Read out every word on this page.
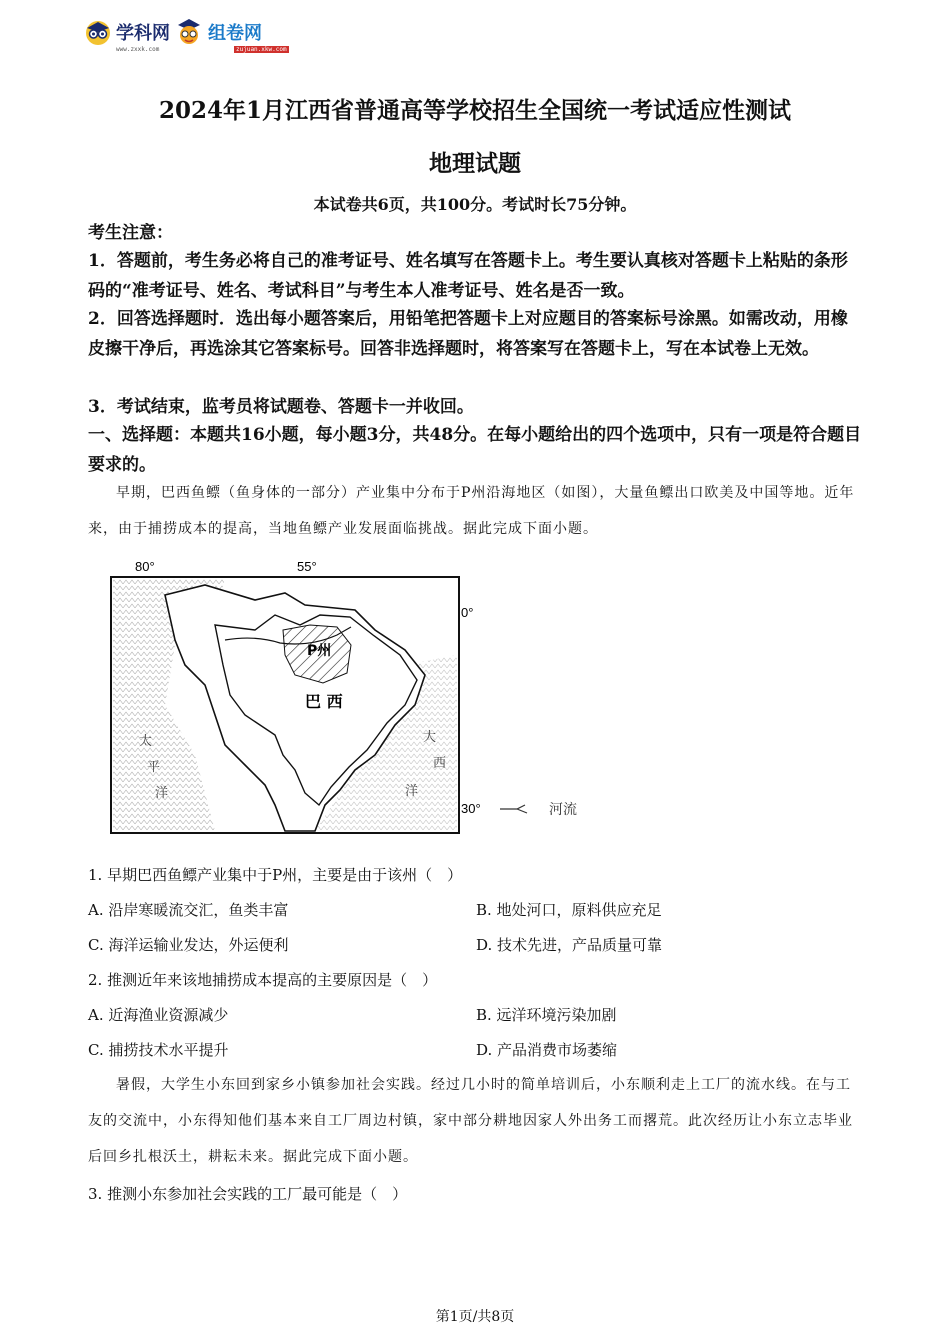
学科网 组卷网
www.zxxk.com	zujuan.xkw.com
2024年1月江西省普通高等学校招生全国统一考试适应性测试
地理试题
本试卷共6页，共100分。考试时长75分钟。
考生注意：
1．答题前，考生务必将自己的准考证号、姓名填写在答题卡上。考生要认真核对答题卡上粘贴的条形码的“准考证号、姓名、考试科目”与考生本人准考证号、姓名是否一致。
2．回答选择题时．选出每小题答案后，用铅笔把答题卡上对应题目的答案标号涂黑。如需改动，用橡皮擦干净后，再选涂其它答案标号。回答非选择题时，将答案写在答题卡上，写在本试卷上无效。
3．考试结束，监考员将试题卷、答题卡一并收回。
一、选择题：本题共16小题，每小题3分，共48分。在每小题给出的四个选项中，只有一项是符合题目要求的。
早期，巴西鱼鳔（鱼身体的一部分）产业集中分布于P州沿海地区（如图），大量鱼鳔出口欧美及中国等地。近年来，由于捕捞成本的提高，当地鱼鳔产业发展面临挑战。据此完成下面小题。
80°	55°
0°
30°
P州
巴 西
太
平
洋
大
西
洋
河流
1. 早期巴西鱼鳔产业集中于P州，主要是由于该州（　）
A. 沿岸寒暖流交汇，鱼类丰富	B. 地处河口，原料供应充足
C. 海洋运输业发达，外运便利	D. 技术先进，产品质量可靠
2. 推测近年来该地捕捞成本提高的主要原因是（　）
A. 近海渔业资源减少	B. 远洋环境污染加剧
C. 捕捞技术水平提升	D. 产品消费市场萎缩
暑假，大学生小东回到家乡小镇参加社会实践。经过几小时的简单培训后，小东顺利走上工厂的流水线。在与工友的交流中，小东得知他们基本来自工厂周边村镇，家中部分耕地因家人外出务工而撂荒。此次经历让小东立志毕业后回乡扎根沃土，耕耘未来。据此完成下面小题。
3. 推测小东参加社会实践的工厂最可能是（　）
第1页/共8页
